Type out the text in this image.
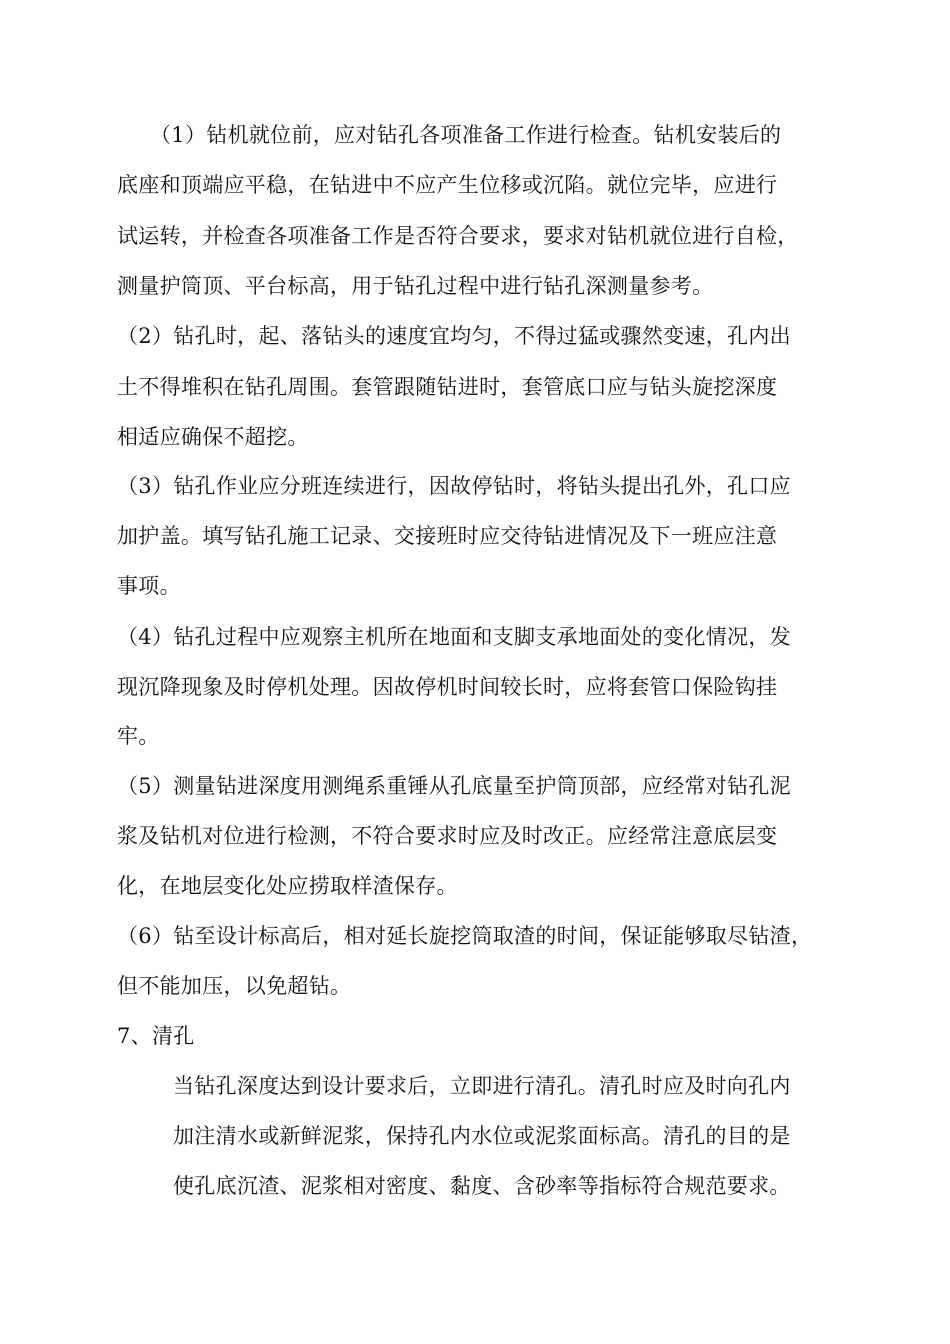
（1）钻机就位前，应对钻孔各项准备工作进行检查。钻机安装后的
底座和顶端应平稳，在钻进中不应产生位移或沉陷。就位完毕，应进行
试运转，并检查各项准备工作是否符合要求，要求对钻机就位进行自检，
测量护筒顶、平台标高，用于钻孔过程中进行钻孔深测量参考。
（2）钻孔时，起、落钻头的速度宜均匀，不得过猛或骤然变速，孔内出
土不得堆积在钻孔周围。套管跟随钻进时，套管底口应与钻头旋挖深度
相适应确保不超挖。
（3）钻孔作业应分班连续进行，因故停钻时，将钻头提出孔外，孔口应
加护盖。填写钻孔施工记录、交接班时应交待钻进情况及下一班应注意
事项。
（4）钻孔过程中应观察主机所在地面和支脚支承地面处的变化情况，发
现沉降现象及时停机处理。因故停机时间较长时，应将套管口保险钩挂
牢。
（5）测量钻进深度用测绳系重锤从孔底量至护筒顶部，应经常对钻孔泥
浆及钻机对位进行检测，不符合要求时应及时改正。应经常注意底层变
化，在地层变化处应捞取样渣保存。
（6）钻至设计标高后，相对延长旋挖筒取渣的时间，保证能够取尽钻渣，
但不能加压，以免超钻。
7、清孔
当钻孔深度达到设计要求后，立即进行清孔。清孔时应及时向孔内
加注清水或新鲜泥浆，保持孔内水位或泥浆面标高。清孔的目的是
使孔底沉渣、泥浆相对密度、黏度、含砂率等指标符合规范要求。
